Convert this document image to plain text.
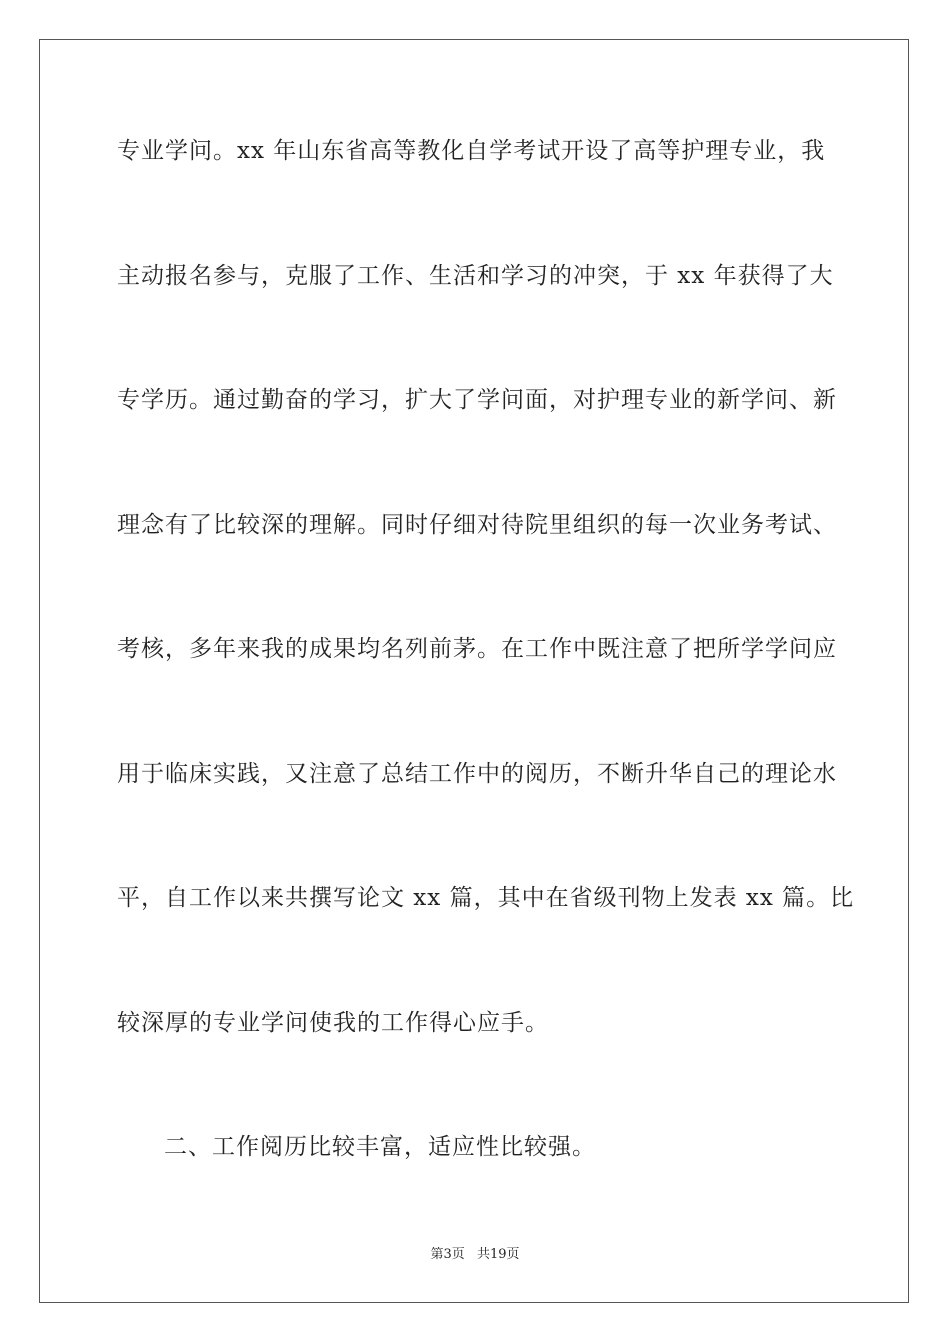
专业学问。xx 年山东省高等教化自学考试开设了高等护理专业，我
主动报名参与，克服了工作、生活和学习的冲突，于 xx 年获得了大
专学历。通过勤奋的学习，扩大了学问面，对护理专业的新学问、新
理念有了比较深的理解。同时仔细对待院里组织的每一次业务考试、
考核，多年来我的成果均名列前茅。在工作中既注意了把所学学问应
用于临床实践，又注意了总结工作中的阅历，不断升华自己的理论水
平，自工作以来共撰写论文 xx 篇，其中在省级刊物上发表 xx 篇。比
较深厚的专业学问使我的工作得心应手。
二、工作阅历比较丰富，适应性比较强。
第3页 共19页
